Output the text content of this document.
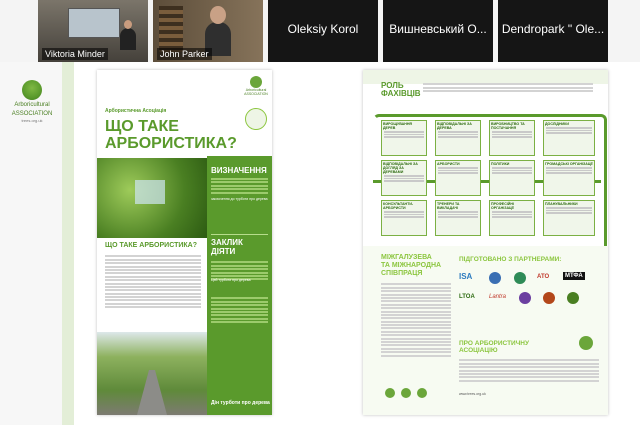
Viktoria Minder	John Parker
Oleksiy Korol	Вишневський О...	Dendropark " Ole...
Arboricultural
ASSOCIATION
trees.org.uk
Арбористична Асоціація
ЩО ТАКЕ
АРБОРИСТИКА?
Arboricultural
ASSOCIATION
ВИЗНАЧЕННЯ
заохочення до турботи про дерева
ЗАКЛИК
ДІЯТИ
Цей турботи про дерева
Дін турботи про дерева
ЩО ТАКЕ АРБОРИСТИКА?
РОЛЬ
ФАХІВЦІВ
ВИРОЩУВАННЯ ДЕРЕВ
ВІДПОВІДАЛЬНІ ЗА ДЕРЕВА
ВИРОБНИЦТВО ТА ПОСТАЧАННЯ
ДОСЛІДНИКИ
ВІДПОВІДАЛЬНІ ЗА ДОГЛЯД ЗА ДЕРЕВАМИ
АРБОРИСТИ	ПОЛІТИКИ	ГРОМАДСЬКІ ОРГАНІЗАЦІЇ
КОНСУЛЬТАНТИ-АРБОРИСТИ
ТРЕНЕРИ ТА ВИКЛАДАЧІ
ПРОФЕСІЙНІ ОРГАНІЗАЦІЇ
ПЛАНУВАЛЬНИКИ
МІЖГАЛУЗЕВА
ТА МІЖНАРОДНА
СПІВПРАЦЯ
ПІДГОТОВАНО З ПАРТНЕРАМИ:
ISA	АТО	МТФА
LTOA Lantra
ПРО АРБОРИСТИЧНУ
АСОЦІАЦІЮ
www.trees.org.uk
